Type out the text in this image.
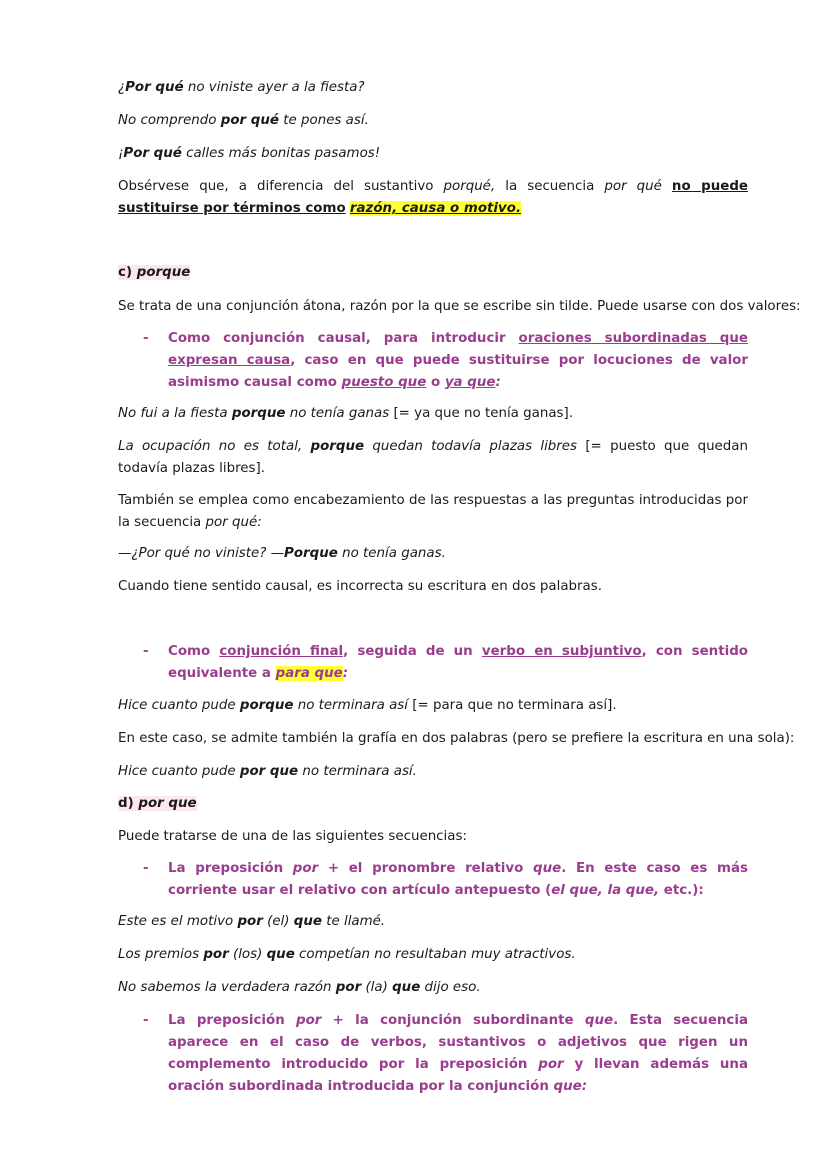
¿Por qué no viniste ayer a la fiesta?

No comprendo por qué te pones así.

¡Por qué calles más bonitas pasamos!

Obsérvese que, a diferencia del sustantivo porqué, la secuencia por qué no puede sustituirse por términos como razón, causa o motivo.

c) porque

Se trata de una conjunción átona, razón por la que se escribe sin tilde. Puede usarse con dos valores:

- Como conjunción causal, para introducir oraciones subordinadas que expresan causa, caso en que puede sustituirse por locuciones de valor asimismo causal como puesto que o ya que:

No fui a la fiesta porque no tenía ganas [= ya que no tenía ganas].

La ocupación no es total, porque quedan todavía plazas libres [= puesto que quedan todavía plazas libres].

También se emplea como encabezamiento de las respuestas a las preguntas introducidas por la secuencia por qué:

—¿Por qué no viniste? —Porque no tenía ganas.

Cuando tiene sentido causal, es incorrecta su escritura en dos palabras.

- Como conjunción final, seguida de un verbo en subjuntivo, con sentido equivalente a para que:

Hice cuanto pude porque no terminara así [= para que no terminara así].

En este caso, se admite también la grafía en dos palabras (pero se prefiere la escritura en una sola):

Hice cuanto pude por que no terminara así.

d) por que

Puede tratarse de una de las siguientes secuencias:

- La preposición por + el pronombre relativo que. En este caso es más corriente usar el relativo con artículo antepuesto (el que, la que, etc.):

Este es el motivo por (el) que te llamé.

Los premios por (los) que competían no resultaban muy atractivos.

No sabemos la verdadera razón por (la) que dijo eso.

- La preposición por + la conjunción subordinante que. Esta secuencia aparece en el caso de verbos, sustantivos o adjetivos que rigen un complemento introducido por la preposición por y llevan además una oración subordinada introducida por la conjunción que:
